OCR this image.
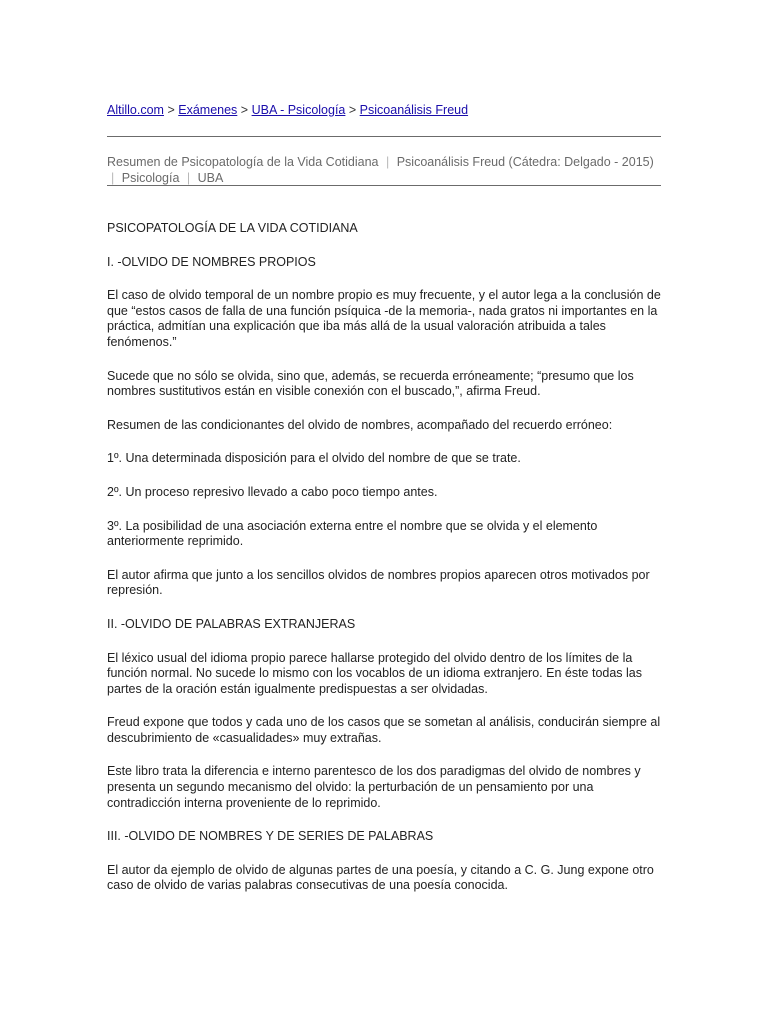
Altillo.com > Exámenes > UBA - Psicología > Psicoanálisis Freud
Resumen de Psicopatología de la Vida Cotidiana | Psicoanálisis Freud (Cátedra: Delgado - 2015) | Psicología | UBA

PSICOPATOLOGÍA DE LA VIDA COTIDIANA

I. -OLVIDO DE NOMBRES PROPIOS

El caso de olvido temporal de un nombre propio es muy frecuente, y el autor lega a la conclusión de que “estos casos de falla de una función psíquica -de la memoria-, nada gratos ni importantes en la práctica, admitían una explicación que iba más allá de la usual valoración atribuida a tales fenómenos.”

Sucede que no sólo se olvida, sino que, además, se recuerda erróneamente; “presumo que los nombres sustitutivos están en visible conexión con el buscado,”, afirma Freud.

Resumen de las condicionantes del olvido de nombres, acompañado del recuerdo erróneo:

1º. Una determinada disposición para el olvido del nombre de que se trate.

2º. Un proceso represivo llevado a cabo poco tiempo antes.

3º. La posibilidad de una asociación externa entre el nombre que se olvida y el elemento anteriormente reprimido.

El autor afirma que junto a los sencillos olvidos de nombres propios aparecen otros motivados por represión.

II. -OLVIDO DE PALABRAS EXTRANJERAS

El léxico usual del idioma propio parece hallarse protegido del olvido dentro de los límites de la función normal. No sucede lo mismo con los vocablos de un idioma extranjero. En éste todas las partes de la oración están igualmente predispuestas a ser olvidadas.

Freud expone que todos y cada uno de los casos que se sometan al análisis, conducirán siempre al descubrimiento de «casualidades» muy extrañas.

Este libro trata la diferencia e interno parentesco de los dos paradigmas del olvido de nombres y presenta un segundo mecanismo del olvido: la perturbación de un pensamiento por una contradicción interna proveniente de lo reprimido.

III. -OLVIDO DE NOMBRES Y DE SERIES DE PALABRAS

El autor da ejemplo de olvido de algunas partes de una poesía, y citando a C. G. Jung expone otro caso de olvido de varias palabras consecutivas de una poesía conocida.
